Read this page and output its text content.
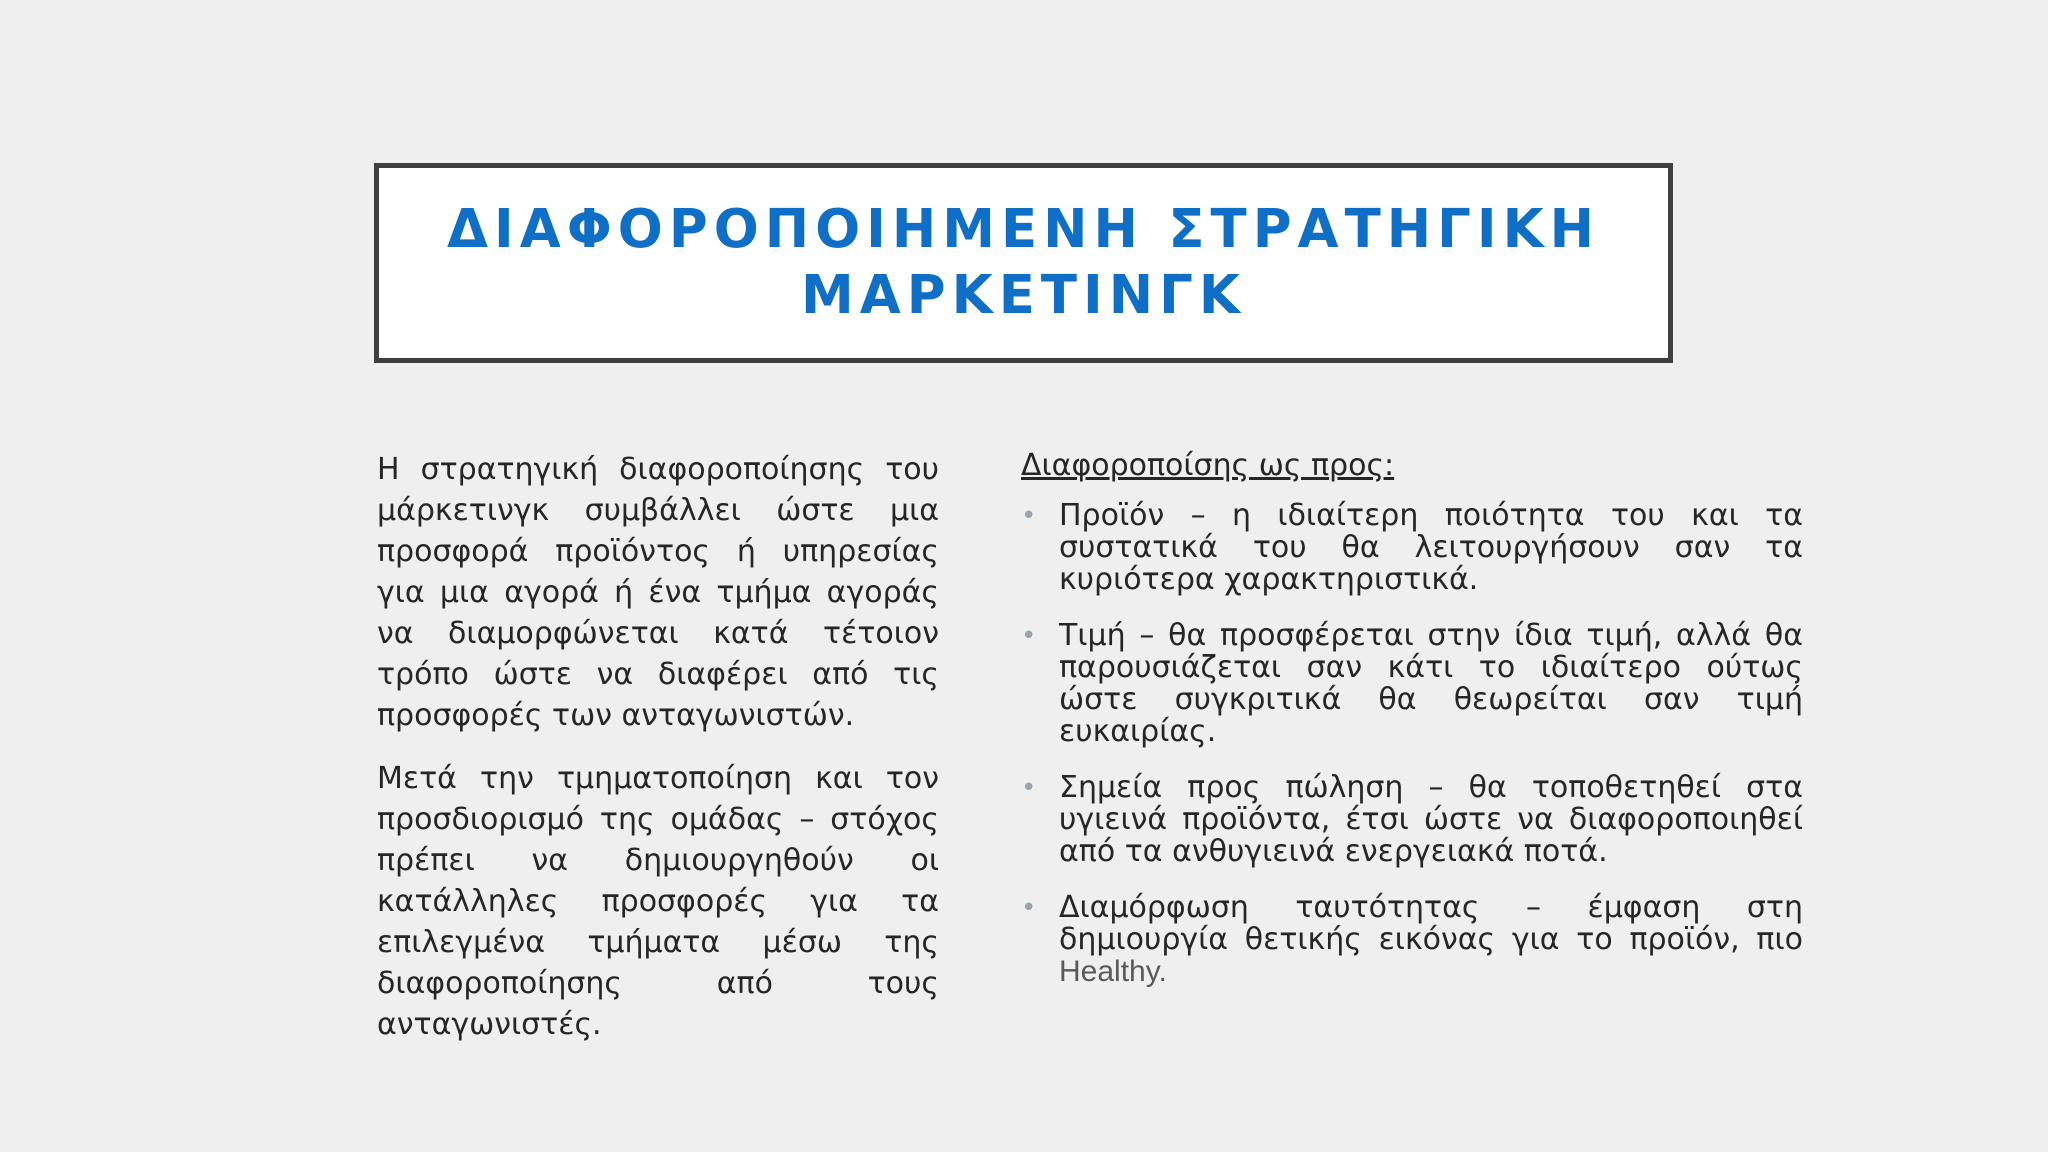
ΔΙΑΦΟΡΟΠΟΙΗΜΕΝΗ ΣΤΡΑΤΗΓΙΚΗ
ΜΑΡΚΕΤΙΝΓΚ

Η στρατηγική διαφοροποίησης του μάρκετινγκ συμβάλλει ώστε μια προσφορά προϊόντος ή υπηρεσίας για μια αγορά ή ένα τμήμα αγοράς να διαμορφώνεται κατά τέτοιον τρόπο ώστε να διαφέρει από τις προσφορές των ανταγωνιστών.

Μετά την τμηματοποίηση και τον προσδιορισμό της ομάδας – στόχος πρέπει να δημιουργηθούν οι κατάλληλες προσφορές για τα επιλεγμένα τμήματα μέσω της διαφοροποίησης από τους ανταγωνιστές.

Διαφοροποίσης ως προς:

• Προϊόν – η ιδιαίτερη ποιότητα του και τα συστατικά του θα λειτουργήσουν σαν τα κυριότερα χαρακτηριστικά.
• Τιμή – θα προσφέρεται στην ίδια τιμή, αλλά θα παρουσιάζεται σαν κάτι το ιδιαίτερο ούτως ώστε συγκριτικά θα θεωρείται σαν τιμή ευκαιρίας.
• Σημεία προς πώληση – θα τοποθετηθεί στα υγιεινά προϊόντα, έτσι ώστε να διαφοροποιηθεί από τα ανθυγιεινά ενεργειακά ποτά.
• Διαμόρφωση ταυτότητας – έμφαση στη δημιουργία θετικής εικόνας για το προϊόν, πιο Healthy.
